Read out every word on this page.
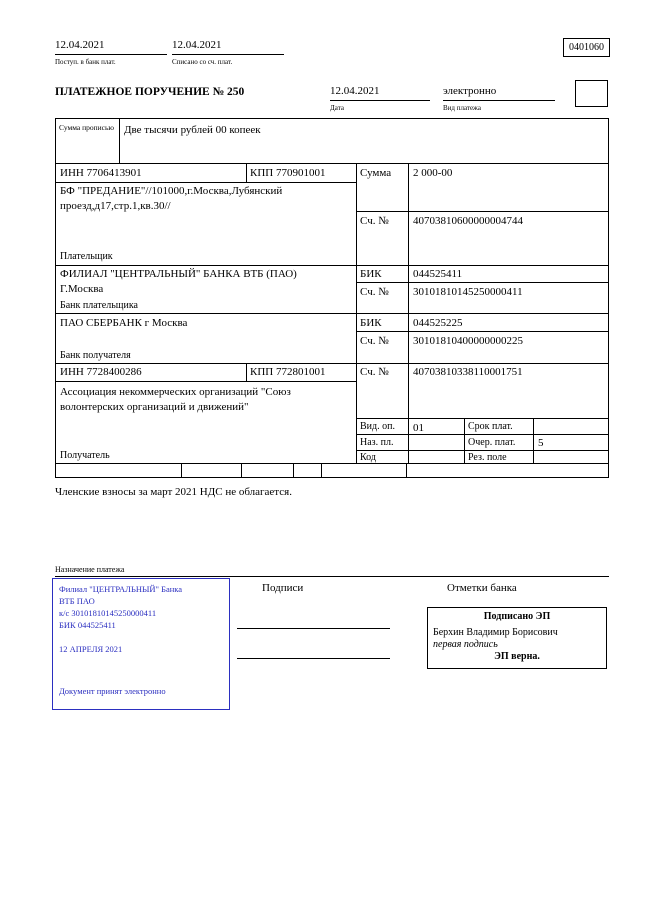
12.04.2021	12.04.2021
Поступ. в банк плат.	Списано со сч. плат.
0401060
ПЛАТЕЖНОЕ ПОРУЧЕНИЕ № 250	12.04.2021	электронно
Дата	Вид платежа
Сумма прописью Две тысячи рублей 00 копеек
ИНН 7706413901	КПП 770901001	Сумма 2 000-00
БФ "ПРЕДАНИЕ"//101000,г.Москва,Лубянский проезд,д17,стр.1,кв.30//
Сч. № 40703810600000004744
Плательщик
ФИЛИАЛ "ЦЕНТРАЛЬНЫЙ" БАНКА ВТБ (ПАО) Г.Москва
БИК	044525411
Сч. № 30101810145250000411
Банк плательщика
ПАО СБЕРБАНК г Москва	БИК	044525225
Сч. № 30101810400000000225
Банк получателя
ИНН 7728400286	КПП 772801001	Сч. № 40703810338110001751
Ассоциация некоммерческих организаций "Союз волонтерских организаций и движений"
Получатель
Вид. оп. 01	Срок плат.
Наз. пл.	Очер. плат. 5
Код	Рез. поле
Членские взносы за март 2021 НДС не облагается.
Назначение платежа
Филиал "ЦЕНТРАЛЬНЫЙ" Банка
ВТБ ПАО
к/с 30101810145250000411
БИК 044525411
12 АПРЕЛЯ 2021
Документ принят электронно
Подписи	Отметки банка
Подписано ЭП
Берхин Владимир Борисович
первая подпись
ЭП верна.
